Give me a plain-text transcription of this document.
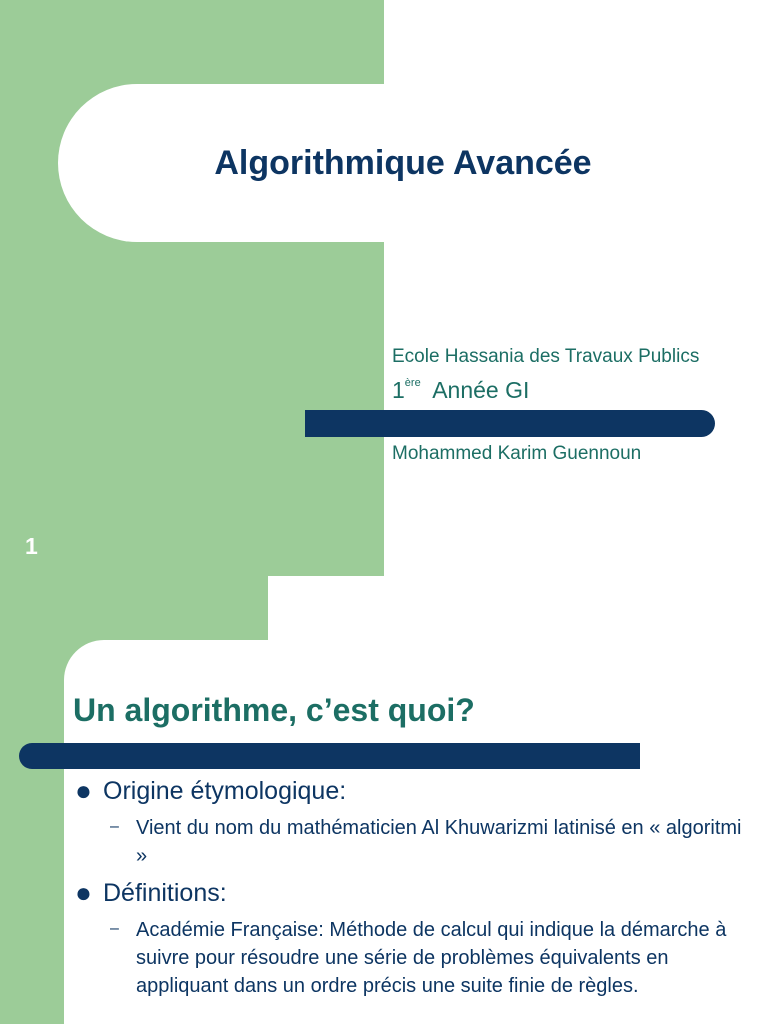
Algorithmique Avancée
Ecole Hassania des Travaux Publics
1ère Année GI
Mohammed Karim Guennoun
1
Un algorithme, c’est quoi?
● Origine étymologique:
– Vient du nom du mathématicien Al Khuwarizmi latinisé en « algoritmi »
● Définitions:
– Académie Française: Méthode de calcul qui indique la démarche à suivre pour résoudre une série de problèmes équivalents en appliquant dans un ordre précis une suite finie de règles.
